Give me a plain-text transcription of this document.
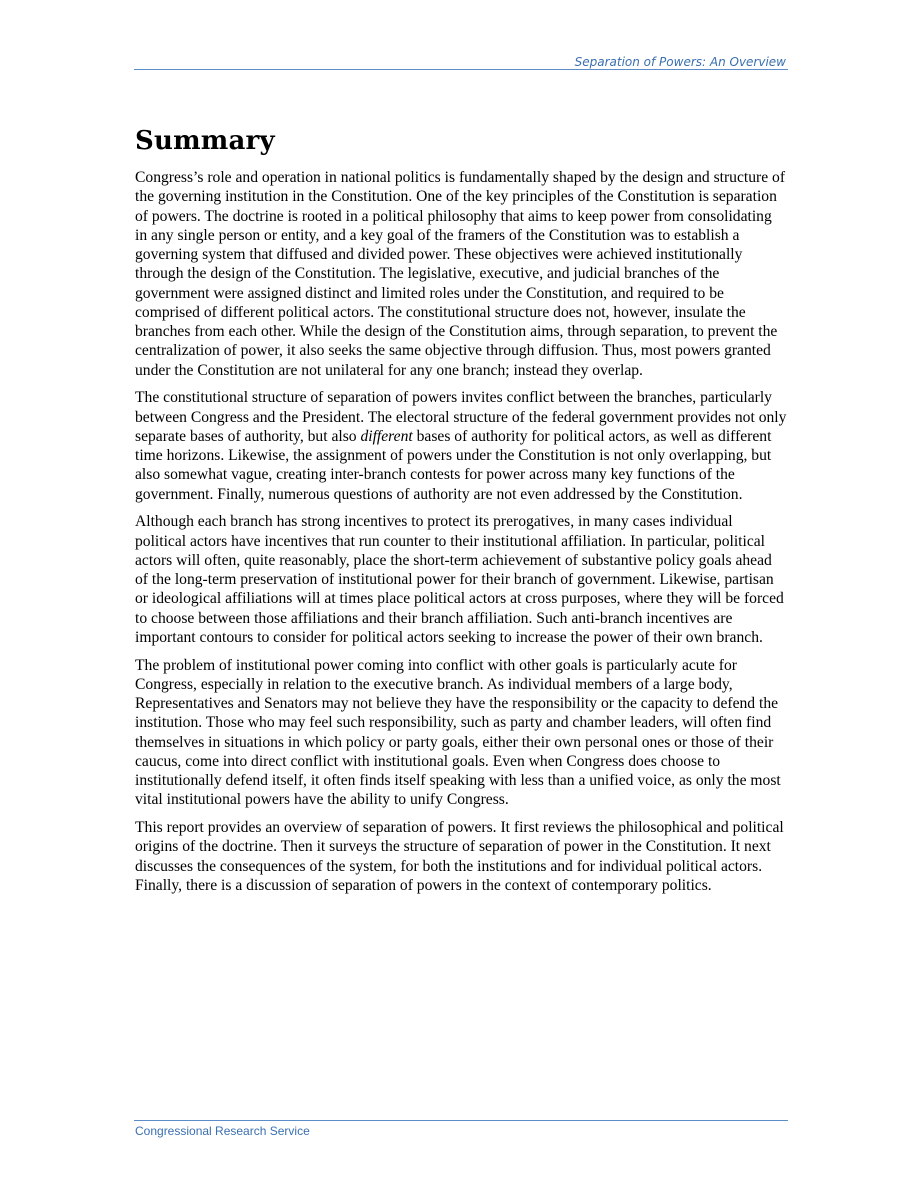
Separation of Powers: An Overview
Summary

Congress’s role and operation in national politics is fundamentally shaped by the design and structure of the governing institution in the Constitution. One of the key principles of the Constitution is separation of powers. The doctrine is rooted in a political philosophy that aims to keep power from consolidating in any single person or entity, and a key goal of the framers of the Constitution was to establish a governing system that diffused and divided power. These objectives were achieved institutionally through the design of the Constitution. The legislative, executive, and judicial branches of the government were assigned distinct and limited roles under the Constitution, and required to be comprised of different political actors. The constitutional structure does not, however, insulate the branches from each other. While the design of the Constitution aims, through separation, to prevent the centralization of power, it also seeks the same objective through diffusion. Thus, most powers granted under the Constitution are not unilateral for any one branch; instead they overlap.

The constitutional structure of separation of powers invites conflict between the branches, particularly between Congress and the President. The electoral structure of the federal government provides not only separate bases of authority, but also different bases of authority for political actors, as well as different time horizons. Likewise, the assignment of powers under the Constitution is not only overlapping, but also somewhat vague, creating inter-branch contests for power across many key functions of the government. Finally, numerous questions of authority are not even addressed by the Constitution.

Although each branch has strong incentives to protect its prerogatives, in many cases individual political actors have incentives that run counter to their institutional affiliation. In particular, political actors will often, quite reasonably, place the short-term achievement of substantive policy goals ahead of the long-term preservation of institutional power for their branch of government. Likewise, partisan or ideological affiliations will at times place political actors at cross purposes, where they will be forced to choose between those affiliations and their branch affiliation. Such anti-branch incentives are important contours to consider for political actors seeking to increase the power of their own branch.

The problem of institutional power coming into conflict with other goals is particularly acute for Congress, especially in relation to the executive branch. As individual members of a large body, Representatives and Senators may not believe they have the responsibility or the capacity to defend the institution. Those who may feel such responsibility, such as party and chamber leaders, will often find themselves in situations in which policy or party goals, either their own personal ones or those of their caucus, come into direct conflict with institutional goals. Even when Congress does choose to institutionally defend itself, it often finds itself speaking with less than a unified voice, as only the most vital institutional powers have the ability to unify Congress.

This report provides an overview of separation of powers. It first reviews the philosophical and political origins of the doctrine. Then it surveys the structure of separation of power in the Constitution. It next discusses the consequences of the system, for both the institutions and for individual political actors. Finally, there is a discussion of separation of powers in the context of contemporary politics.

Congressional Research Service
